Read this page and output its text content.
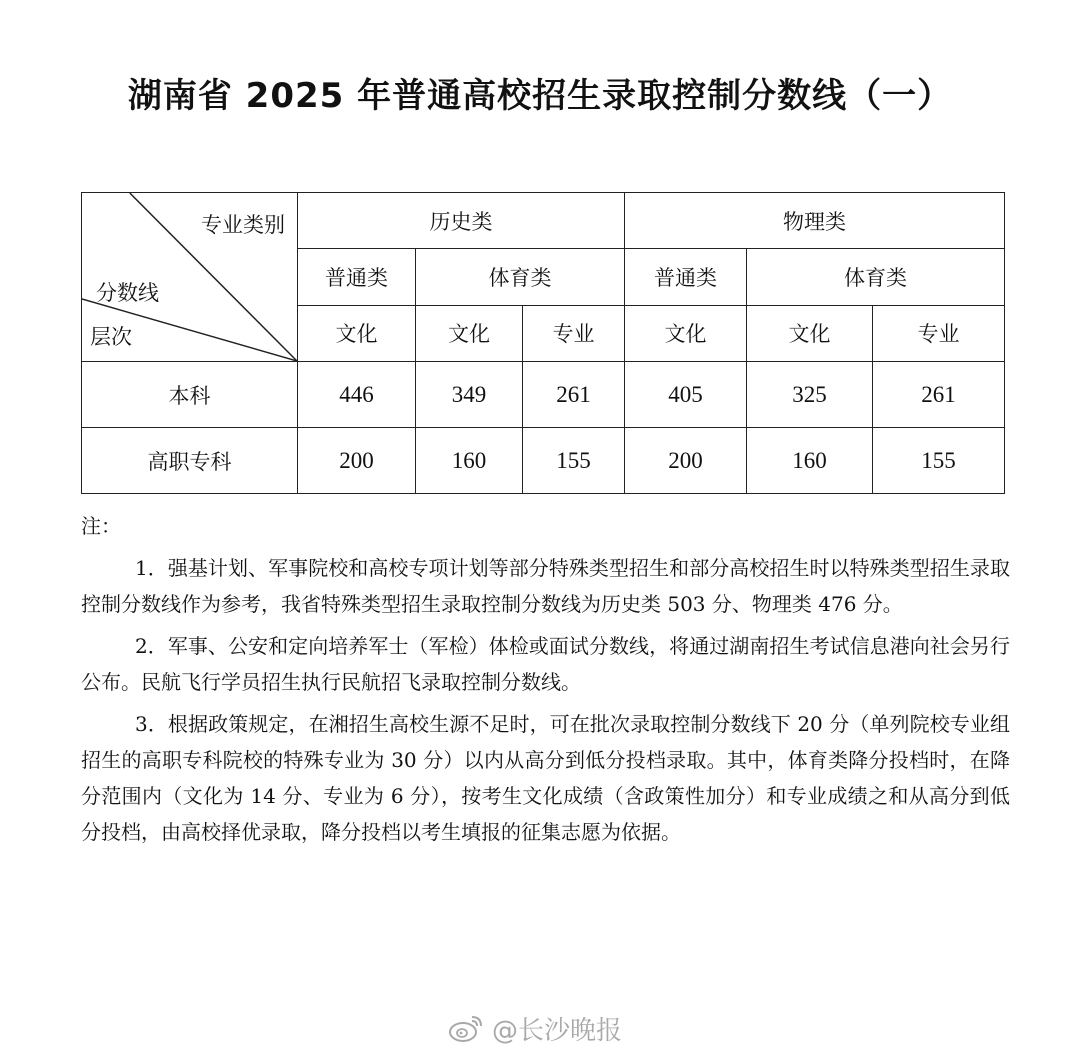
湖南省 2025 年普通高校招生录取控制分数线（一）
专业类别
分数线
层次	历史类			物理类		
	普通类	体育类		普通类	体育类	
	文化	文化	专业	文化	文化	专业
本科	446	349	261	405	325	261
高职专科	200	160	155	200	160	155

注：

1．强基计划、军事院校和高校专项计划等部分特殊类型招生和部分高校招生时以特殊类型招生录取控制分数线作为参考，我省特殊类型招生录取控制分数线为历史类 503 分、物理类 476 分。

2．军事、公安和定向培养军士（军检）体检或面试分数线，将通过湖南招生考试信息港向社会另行公布。民航飞行学员招生执行民航招飞录取控制分数线。

3．根据政策规定，在湘招生高校生源不足时，可在批次录取控制分数线下 20 分（单列院校专业组招生的高职专科院校的特殊专业为 30 分）以内从高分到低分投档录取。其中，体育类降分投档时，在降分范围内（文化为 14 分、专业为 6 分），按考生文化成绩（含政策性加分）和专业成绩之和从高分到低分投档，由高校择优录取，降分投档以考生填报的征集志愿为依据。

@长沙晚报
